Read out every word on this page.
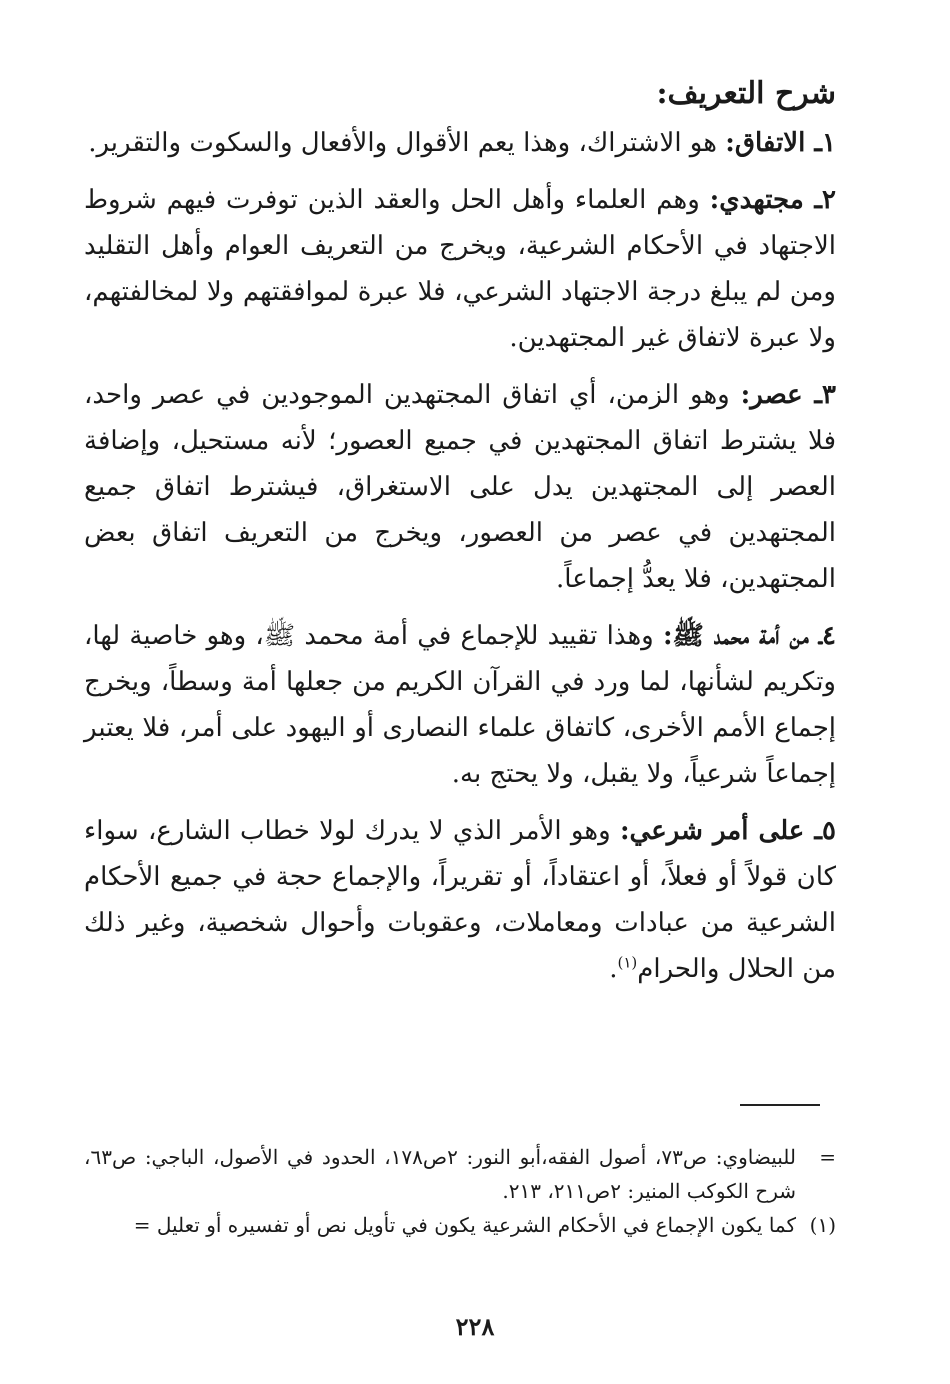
شرح التعريف:

١ـ الاتفاق: هو الاشتراك، وهذا يعم الأقوال والأفعال والسكوت والتقرير.

٢ـ مجتهدي: وهم العلماء وأهل الحل والعقد الذين توفرت فيهم شروط الاجتهاد في الأحكام الشرعية، ويخرج من التعريف العوام وأهل التقليد ومن لم يبلغ درجة الاجتهاد الشرعي، فلا عبرة لموافقتهم ولا لمخالفتهم، ولا عبرة لاتفاق غير المجتهدين.

٣ـ عصر: وهو الزمن، أي اتفاق المجتهدين الموجودين في عصر واحد، فلا يشترط اتفاق المجتهدين في جميع العصور؛ لأنه مستحيل، وإضافة العصر إلى المجتهدين يدل على الاستغراق، فيشترط اتفاق جميع المجتهدين في عصر من العصور، ويخرج من التعريف اتفاق بعض المجتهدين، فلا يعدُّ إجماعاً.

٤ـ من أمة محمد ﷺ: وهذا تقييد للإجماع في أمة محمد ﷺ، وهو خاصية لها، وتكريم لشأنها، لما ورد في القرآن الكريم من جعلها أمة وسطاً، ويخرج إجماع الأمم الأخرى، كاتفاق علماء النصارى أو اليهود على أمر، فلا يعتبر إجماعاً شرعياً، ولا يقبل، ولا يحتج به.

٥ـ على أمر شرعي: وهو الأمر الذي لا يدرك لولا خطاب الشارع، سواء كان قولاً أو فعلاً، أو اعتقاداً، أو تقريراً، والإجماع حجة في جميع الأحكام الشرعية من عبادات ومعاملات، وعقوبات وأحوال شخصية، وغير ذلك من الحلال والحرام$^{(١)}$.

=
للبيضاوي: ص٧٣، أصول الفقه،أبو النور: ٢ص١٧٨، الحدود في الأصول، الباجي: ص٦٣، شرح الكوكب المنير: ٢ص٢١١، ٢١٣.
(١)
كما يكون الإجماع في الأحكام الشرعية يكون في تأويل نص أو تفسيره أو تعليل =
٢٢٨
